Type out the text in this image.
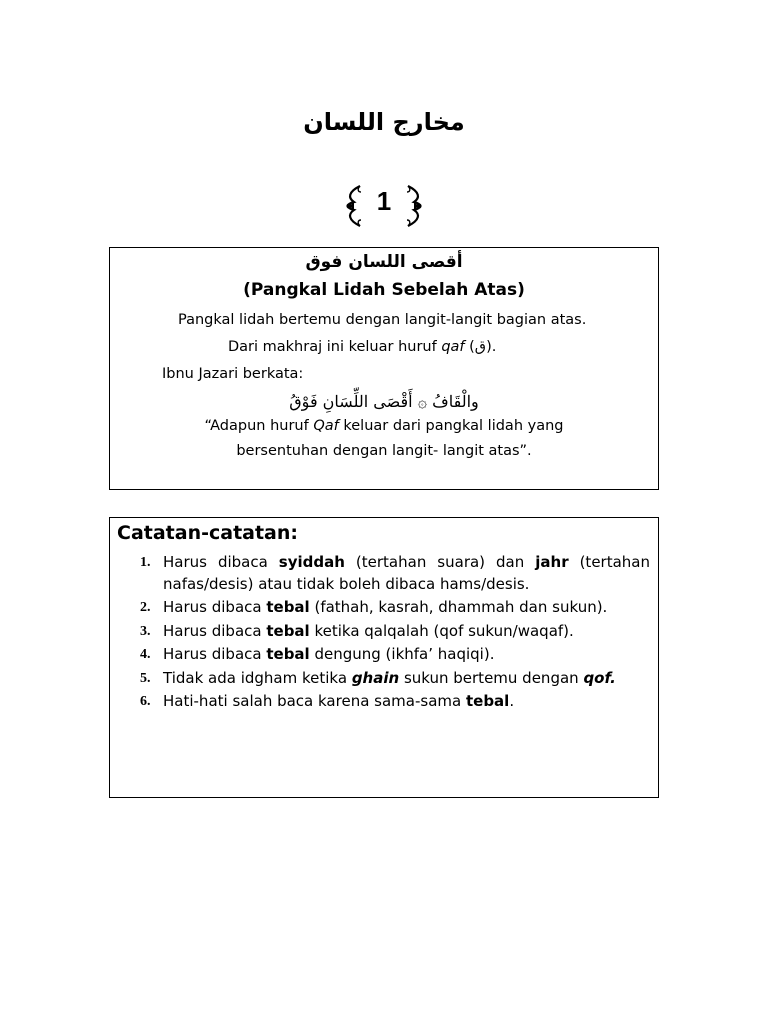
مخارج اللسان
1
أقصى اللسان فوق
(Pangkal Lidah Sebelah Atas)
Pangkal lidah bertemu dengan langit-langit bagian atas.
Dari makhraj ini keluar huruf qaf (ق).
Ibnu Jazari berkata:
والْقَافُ ۞ أَقْصَى اللِّسَانِ فَوْقُ
“Adapun huruf Qaf keluar dari pangkal lidah yang
bersentuhan dengan langit- langit atas”.
Catatan-catatan:
1. Harus dibaca syiddah (tertahan suara) dan jahr (tertahan nafas/desis) atau tidak boleh dibaca hams/desis.
2. Harus dibaca tebal (fathah, kasrah, dhammah dan sukun).
3. Harus dibaca tebal ketika qalqalah (qof sukun/waqaf).
4. Harus dibaca tebal dengung (ikhfa’ haqiqi).
5. Tidak ada idgham ketika ghain sukun bertemu dengan qof.
6. Hati-hati salah baca karena sama-sama tebal.
